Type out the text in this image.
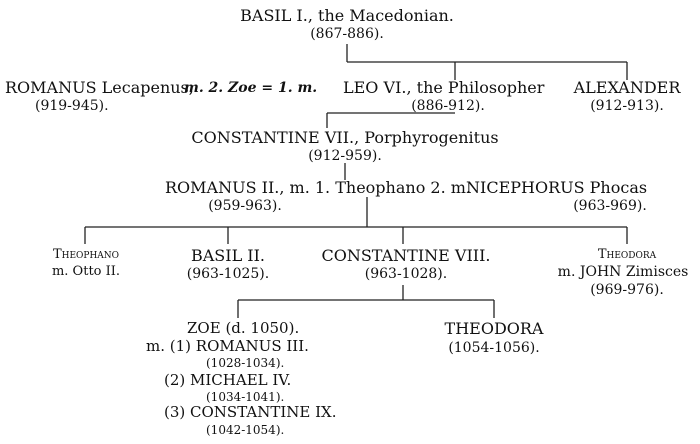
BASIL I., the Macedonian.
(867-886).
ROMANUS Lecapenus,
m. 2. Zoe = 1. m.
(919-945).
LEO VI., the Philosopher
(886-912).
ALEXANDER
(912-913).
CONSTANTINE VII., Porphyrogenitus
(912-959).
ROMANUS II., m. 1. Theophano 2. m.
(959-963).
NICEPHORUS Phocas
(963-969).
Theophano
m. Otto II.
BASIL II.
(963-1025).
CONSTANTINE VIII.
(963-1028).
Theodora
m. JOHN Zimisces
(969-976).
ZOE (d. 1050).
m. (1) ROMANUS III.
(1028-1034).
(2) MICHAEL IV.
(1034-1041).
(3) CONSTANTINE IX.
(1042-1054).
THEODORA
(1054-1056).
